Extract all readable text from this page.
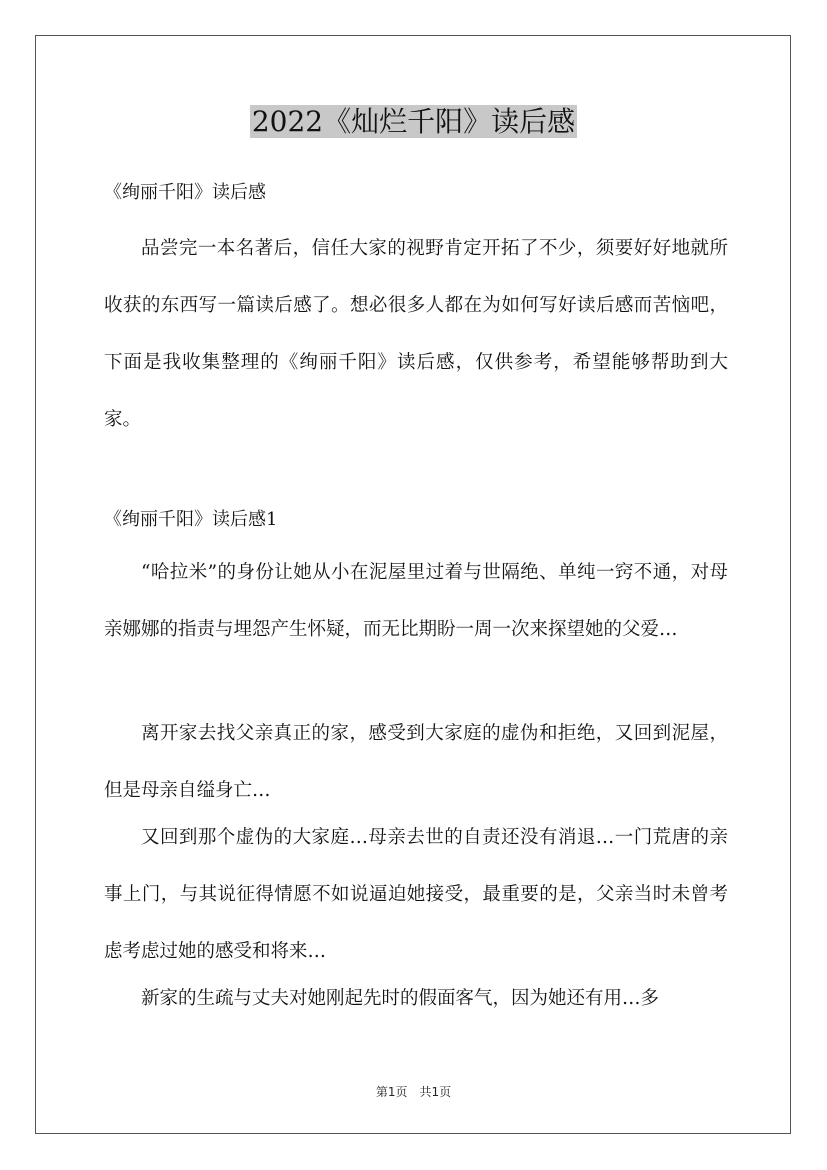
2022《灿烂千阳》读后感
《绚丽千阳》读后感
品尝完一本名著后，信任大家的视野肯定开拓了不少，须要好好地就所收获的东西写一篇读后感了。想必很多人都在为如何写好读后感而苦恼吧，下面是我收集整理的《绚丽千阳》读后感，仅供参考，希望能够帮助到大家。
《绚丽千阳》读后感1
“哈拉米”的身份让她从小在泥屋里过着与世隔绝、单纯一窍不通，对母亲娜娜的指责与埋怨产生怀疑，而无比期盼一周一次来探望她的父爱…
离开家去找父亲真正的家，感受到大家庭的虚伪和拒绝，又回到泥屋，但是母亲自缢身亡…
又回到那个虚伪的大家庭…母亲去世的自责还没有消退…一门荒唐的亲事上门，与其说征得情愿不如说逼迫她接受，最重要的是，父亲当时未曾考虑考虑过她的感受和将来…
新家的生疏与丈夫对她刚起先时的假面客气，因为她还有用…多
第1页　共1页
